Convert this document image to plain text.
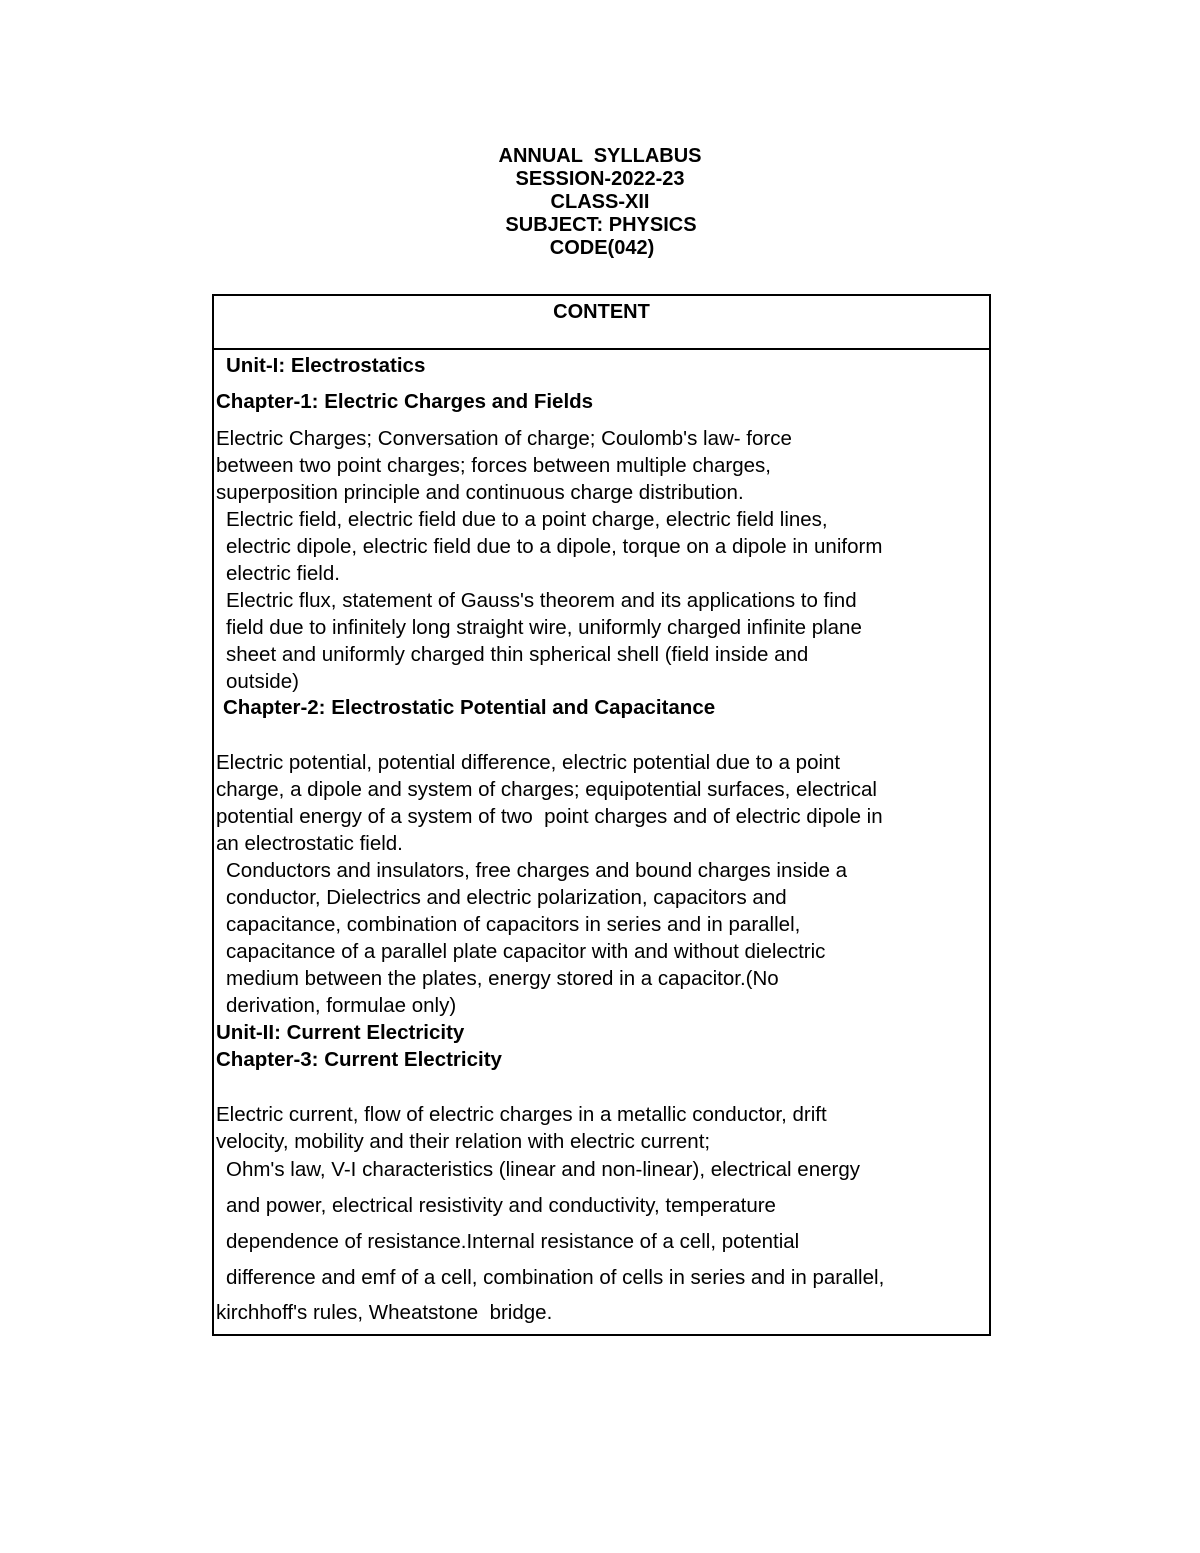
ANNUAL  SYLLABUS
SESSION-2022-23
CLASS-XII
SUBJECT: PHYSICS
CODE(042)
CONTENT
Unit-I: Electrostatics
Chapter-1: Electric Charges and Fields
Electric Charges; Conversation of charge; Coulomb's law- force
between two point charges; forces between multiple charges,
superposition principle and continuous charge distribution.
Electric field, electric field due to a point charge, electric field lines,
electric dipole, electric field due to a dipole, torque on a dipole in uniform
electric field.
Electric flux, statement of Gauss's theorem and its applications to find
field due to infinitely long straight wire, uniformly charged infinite plane
sheet and uniformly charged thin spherical shell (field inside and
outside)
Chapter-2: Electrostatic Potential and Capacitance
Electric potential, potential difference, electric potential due to a point
charge, a dipole and system of charges; equipotential surfaces, electrical
potential energy of a system of two  point charges and of electric dipole in
an electrostatic field.
Conductors and insulators, free charges and bound charges inside a
conductor, Dielectrics and electric polarization, capacitors and
capacitance, combination of capacitors in series and in parallel,
capacitance of a parallel plate capacitor with and without dielectric
medium between the plates, energy stored in a capacitor.(No
derivation, formulae only)
Unit-II: Current Electricity
Chapter-3: Current Electricity
Electric current, flow of electric charges in a metallic conductor, drift
velocity, mobility and their relation with electric current;
Ohm's law, V-I characteristics (linear and non-linear), electrical energy
and power, electrical resistivity and conductivity, temperature
dependence of resistance.Internal resistance of a cell, potential
difference and emf of a cell, combination of cells in series and in parallel,
kirchhoff's rules, Wheatstone  bridge.
